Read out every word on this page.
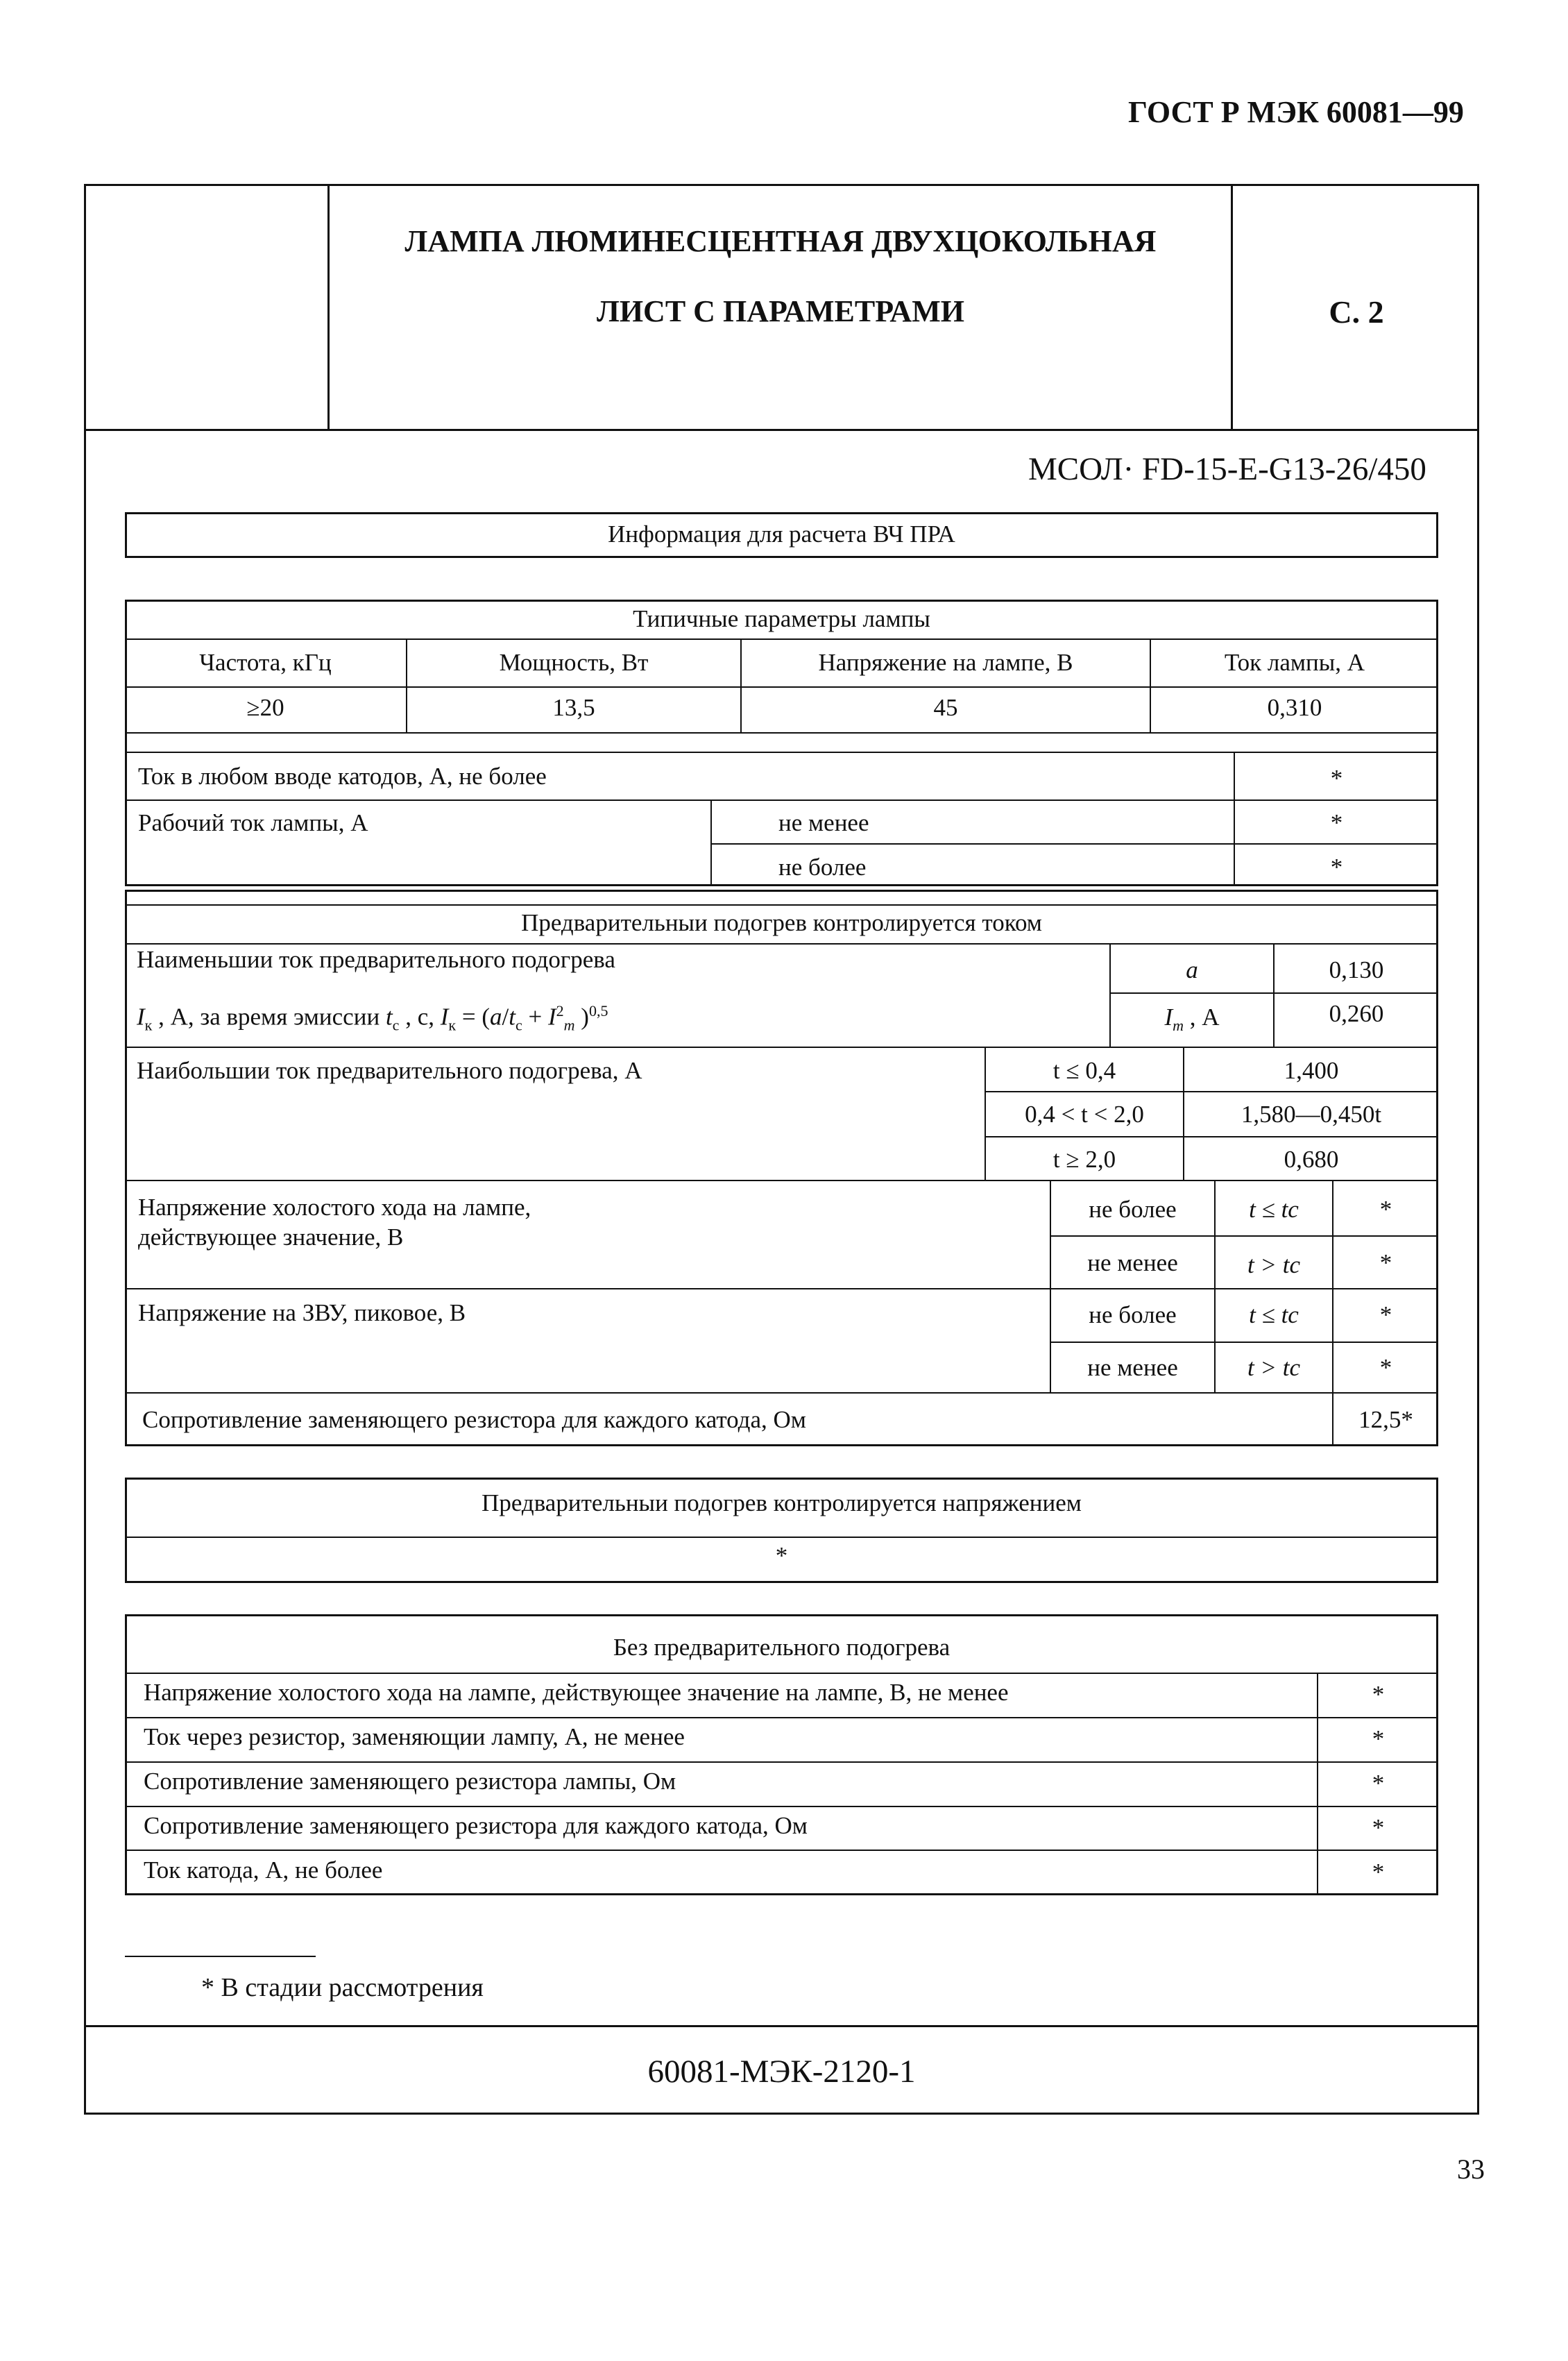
ГОСТ Р МЭК 60081—99
ЛАМПА ЛЮМИНЕСЦЕНТНАЯ ДВУХЦОКОЛЬНАЯ
ЛИСТ С ПАРАМЕТРАМИ	С. 2
МСОЛ· FD-15-E-G13-26/450
Информация для расчета ВЧ ПРА
Типичные параметры лампы
Частота, кГц	Мощность, Вт	Напряжение на лампе, В	Ток лампы, А
≥20	13,5	45	0,310
Ток в любом вводе катодов, А, не более	*
Рабочий ток лампы, А	не менее	*
не более	*
Предварительныи подогрев контролируется током
Наименьшии ток предварительного подогрева
$I_к$ , А, за время эмиссии $t_с$ , с, $I_к = (a/t_с + I^2_m$ )$^{0,5}$
a	0,130
$I_m$ , А	0,260
Наибольшии ток предварительного подогрева, А	t ≤ 0,4	1,400
0,4 < t < 2,0	1,580—0,450t
t ≥ 2,0	0,680
Напряжение холостого хода на лампе,
действующее значение, В
не более	t ≤ tс	*
не менее	t > tс	*
Напряжение на ЗВУ, пиковое, В	не более	t ≤ tс	*
не менее	t > tс	*
Сопротивление заменяющего резистора для каждого катода, Ом	12,5*
Предварительныи подогрев контролируется напряжением
*
Без предварительного подогрева
Напряжение холостого хода на лампе, действующее значение на лампе, В, не менее	*
Ток через резистор, заменяющии лампу, А, не менее	*
Сопротивление заменяющего резистора лампы, Ом	*
Сопротивление заменяющего резистора для каждого катода, Ом	*
Ток катода, А, не более	*
* В стадии рассмотрения
60081-МЭК-2120-1
33
